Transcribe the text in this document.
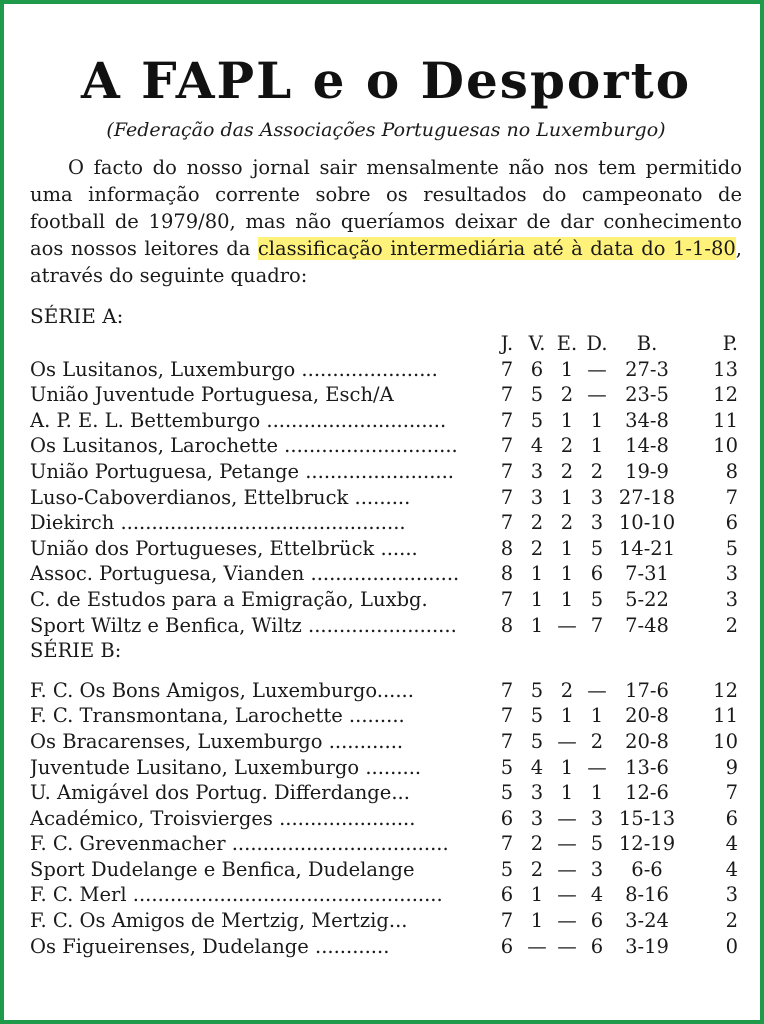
A FAPL e o Desporto
(Federação das Associações Portuguesas no Luxemburgo)

O facto do nosso jornal sair mensalmente não nos tem permitido uma informação corrente sobre os resultados do campeonato de football de 1979/80, mas não queríamos deixar de dar conhecimento aos nossos leitores da classificação intermediária até à data do 1-1-80, através do seguinte quadro:

SÉRIE A:
	J.	V.	E.	D.	B.	P.
Os Lusitanos, Luxemburgo ......................	7	6	1	—	27-3	13
União Juventude Portuguesa, Esch/A	7	5	2	—	23-5	12
A. P. E. L. Bettemburgo .............................	7	5	1	1	34-8	11
Os Lusitanos, Larochette ............................	7	4	2	1	14-8	10
União Portuguesa, Petange ........................	7	3	2	2	19-9	8
Luso-Caboverdianos, Ettelbruck .........	7	3	1	3	27-18	7
Diekirch ..............................................	7	2	2	3	10-10	6
União dos Portugueses, Ettelbrück ......	8	2	1	5	14-21	5
Assoc. Portuguesa, Vianden ........................	8	1	1	6	7-31	3
C. de Estudos para a Emigração, Luxbg.	7	1	1	5	5-22	3
Sport Wiltz e Benfica, Wiltz ........................	8	1	—	7	7-48	2
SÉRIE B:						

F. C. Os Bons Amigos, Luxemburgo......	7	5	2	—	17-6	12
F. C. Transmontana, Larochette .........	7	5	1	1	20-8	11
Os Bracarenses, Luxemburgo ............	7	5	—	2	20-8	10
Juventude Lusitano, Luxemburgo .........	5	4	1	—	13-6	9
U. Amigável dos Portug. Differdange...	5	3	1	1	12-6	7
Académico, Troisvierges ......................	6	3	—	3	15-13	6
F. C. Grevenmacher ...................................	7	2	—	5	12-19	4
Sport Dudelange e Benfica, Dudelange	5	2	—	3	6-6	4
F. C. Merl ..................................................	6	1	—	4	8-16	3
F. C. Os Amigos de Mertzig, Mertzig...	7	1	—	6	3-24	2
Os Figueirenses, Dudelange ............	6	—	—	6	3-19	0
